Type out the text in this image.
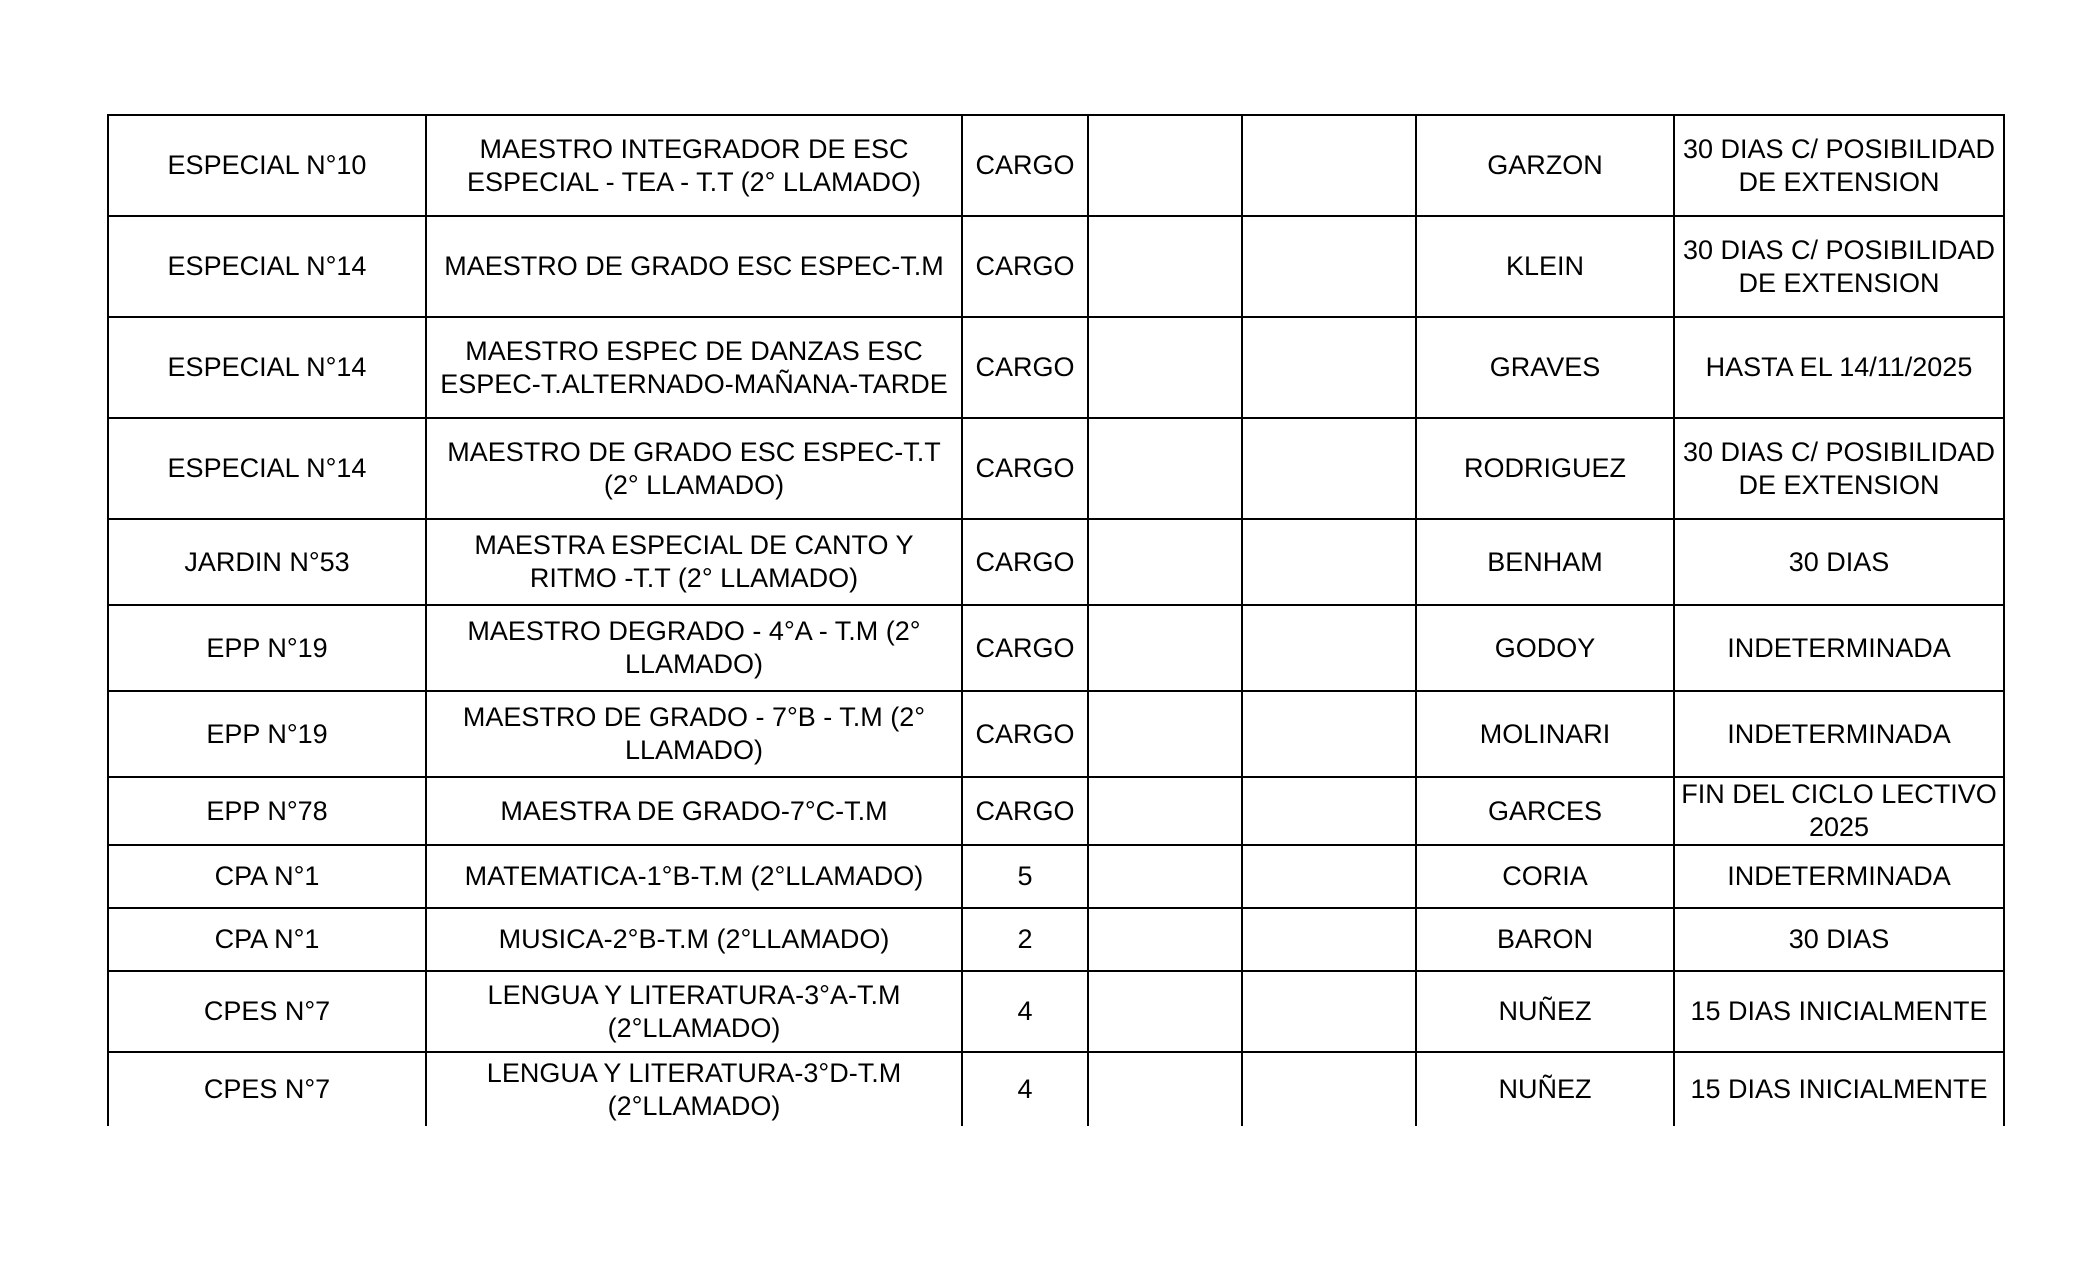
ESPECIAL N°10	MAESTRO INTEGRADOR DE ESC ESPECIAL - TEA - T.T (2° LLAMADO)	CARGO			GARZON	30 DIAS C/ POSIBILIDAD DE EXTENSION
ESPECIAL N°14	MAESTRO DE GRADO ESC ESPEC-T.M	CARGO			KLEIN	30 DIAS C/ POSIBILIDAD DE EXTENSION
ESPECIAL N°14	MAESTRO ESPEC DE DANZAS ESC ESPEC-T.ALTERNADO-MAÑANA-TARDE	CARGO			GRAVES	HASTA EL 14/11/2025
ESPECIAL N°14	MAESTRO DE GRADO ESC ESPEC-T.T (2° LLAMADO)	CARGO			RODRIGUEZ	30 DIAS C/ POSIBILIDAD DE EXTENSION
JARDIN N°53	MAESTRA ESPECIAL DE CANTO Y RITMO -T.T (2° LLAMADO)	CARGO			BENHAM	30 DIAS
EPP N°19	MAESTRO DEGRADO - 4°A - T.M (2° LLAMADO)	CARGO			GODOY	INDETERMINADA
EPP N°19	MAESTRO DE GRADO - 7°B - T.M (2° LLAMADO)	CARGO			MOLINARI	INDETERMINADA
EPP N°78	MAESTRA DE GRADO-7°C-T.M	CARGO			GARCES	FIN DEL CICLO LECTIVO 2025
CPA N°1	MATEMATICA-1°B-T.M (2°LLAMADO)	5			CORIA	INDETERMINADA
CPA N°1	MUSICA-2°B-T.M (2°LLAMADO)	2			BARON	30 DIAS
CPES N°7	LENGUA Y LITERATURA-3°A-T.M (2°LLAMADO)	4			NUÑEZ	15 DIAS INICIALMENTE
CPES N°7	LENGUA Y LITERATURA-3°D-T.M (2°LLAMADO)	4			NUÑEZ	15 DIAS INICIALMENTE
